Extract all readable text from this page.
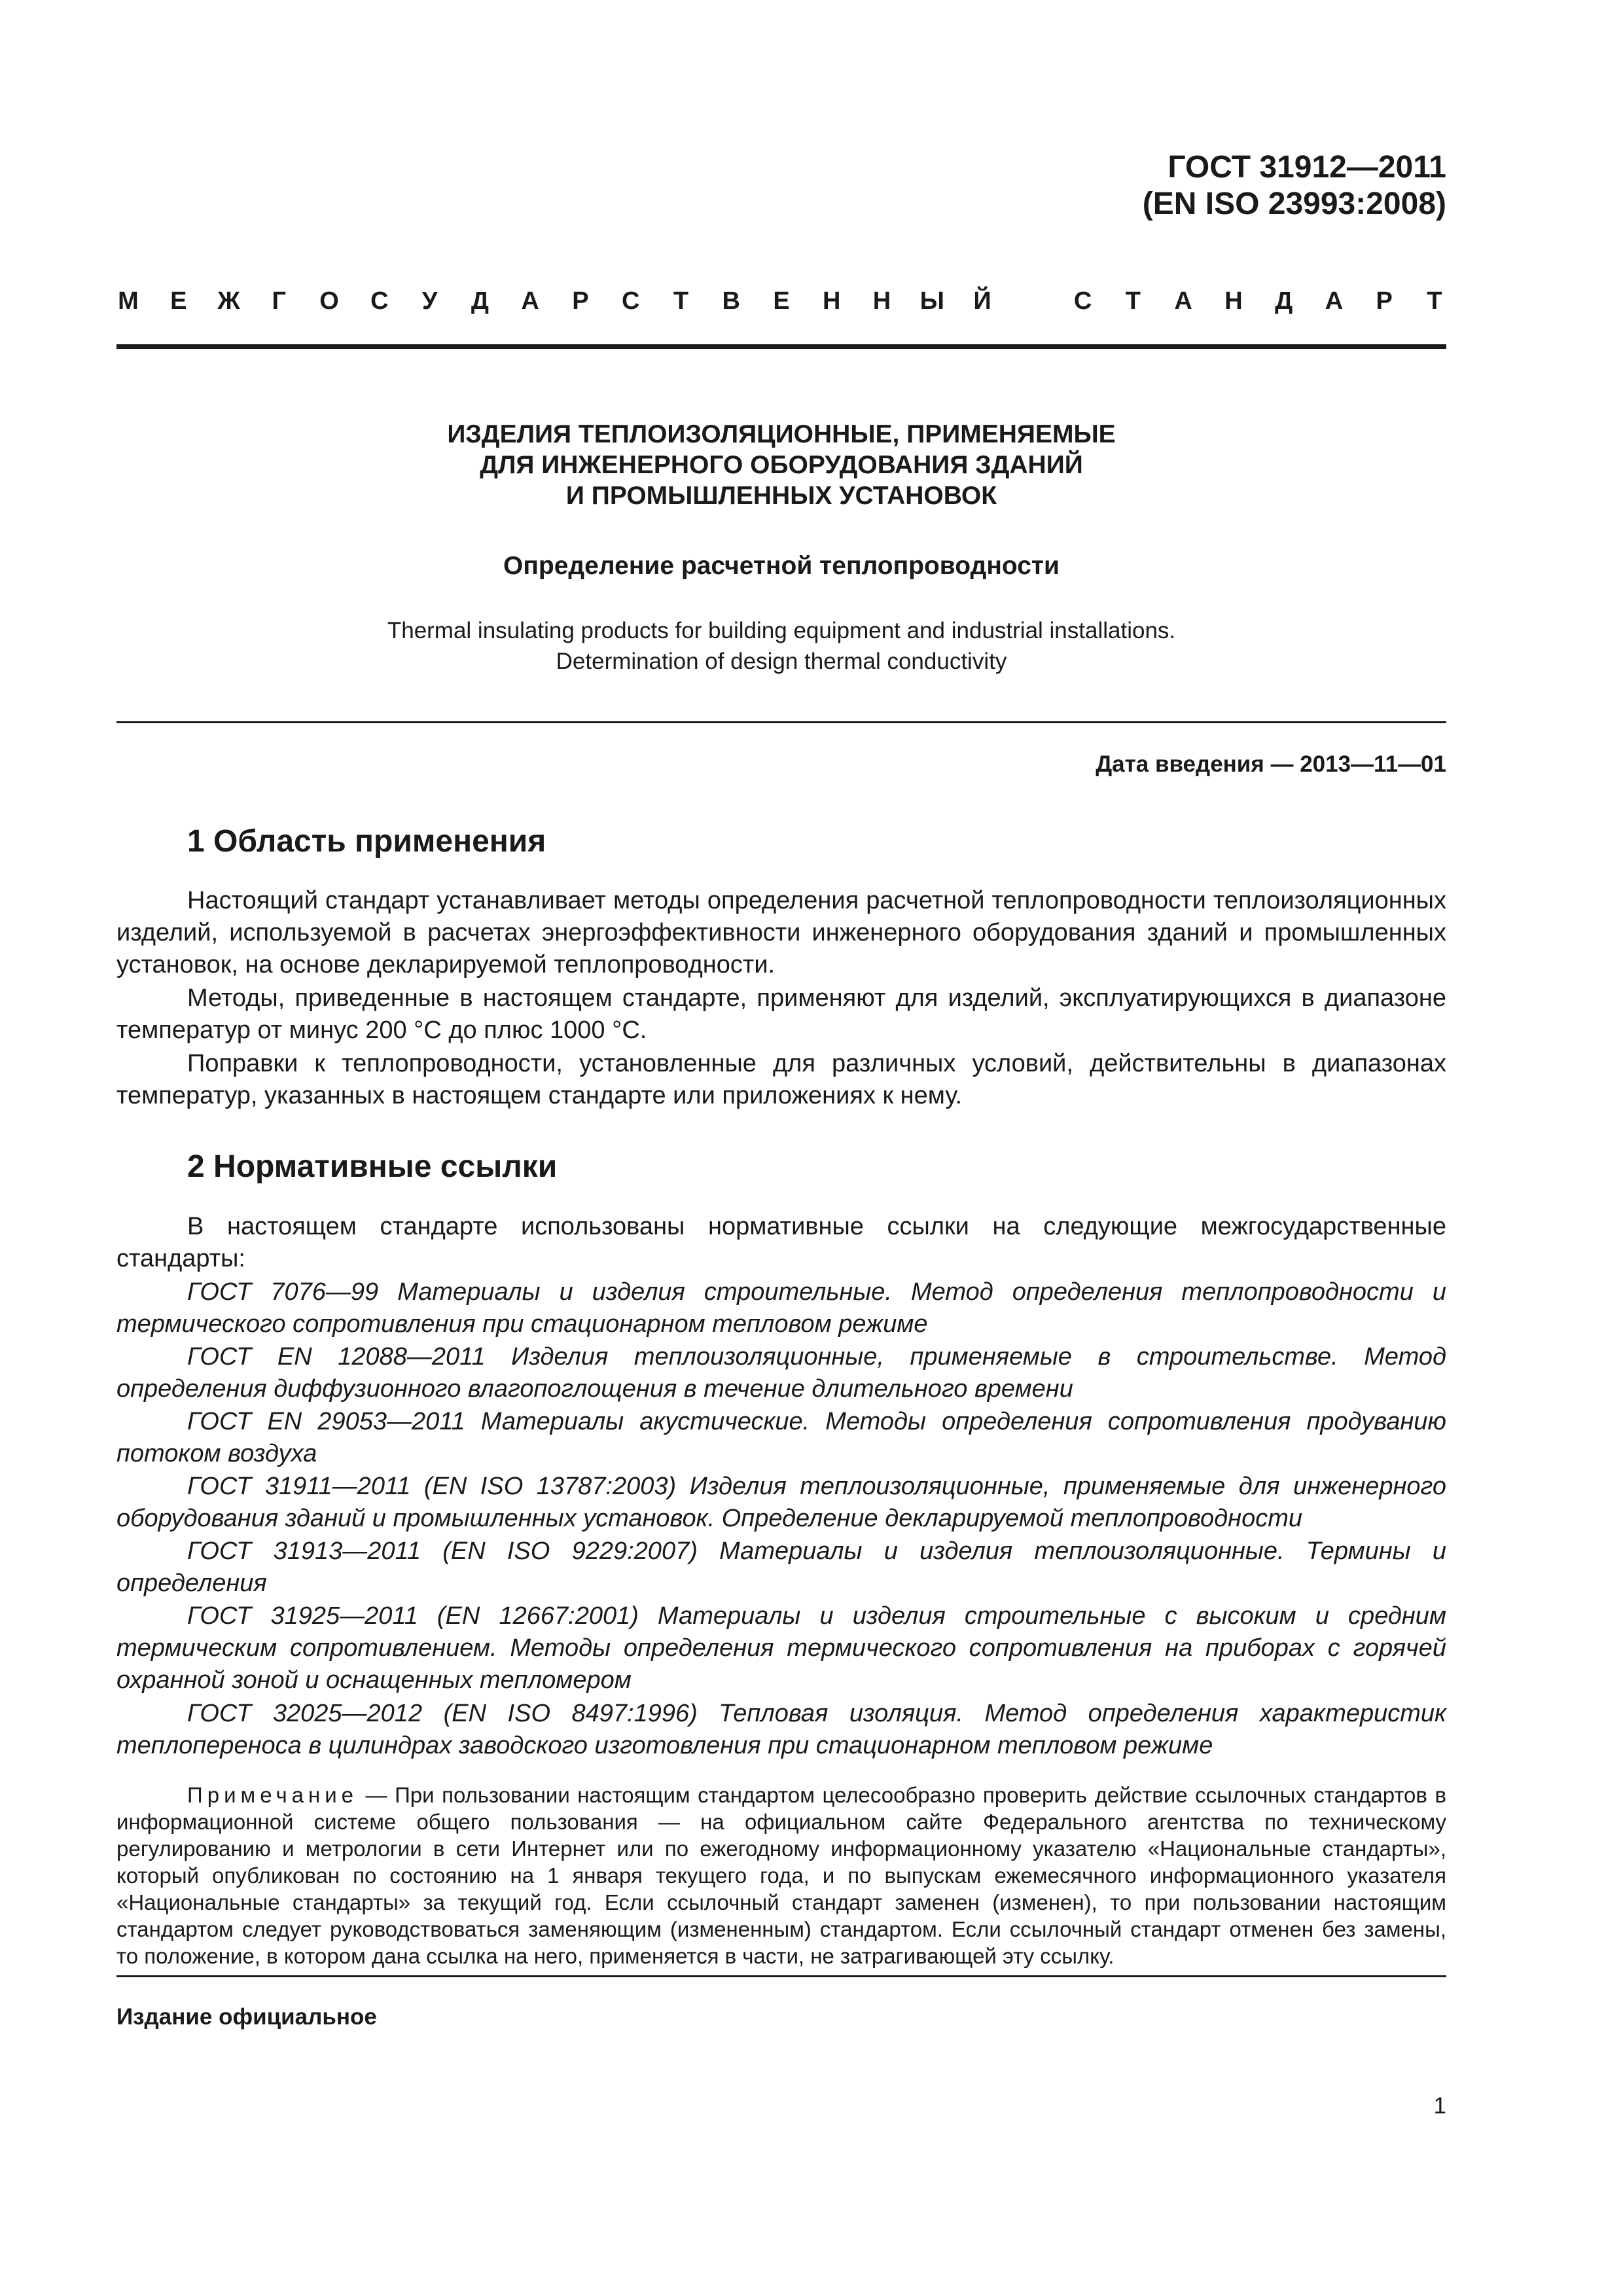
ГОСТ 31912—2011
(EN ISO 23993:2008)
М Е Ж Г О С У Д А Р С Т В Е Н Н Ы Й	С Т А Н Д А Р Т
ИЗДЕЛИЯ ТЕПЛОИЗОЛЯЦИОННЫЕ, ПРИМЕНЯЕМЫЕ
ДЛЯ ИНЖЕНЕРНОГО ОБОРУДОВАНИЯ ЗДАНИЙ
И ПРОМЫШЛЕННЫХ УСТАНОВОК
Определение расчетной теплопроводности
Thermal insulating products for building equipment and industrial installations.
Determination of design thermal conductivity
Дата введения — 2013—11—01
1 Область применения
Настоящий стандарт устанавливает методы определения расчетной теплопроводности теплоизоляционных изделий, используемой в расчетах энергоэффективности инженерного оборудования зданий и промышленных установок, на основе декларируемой теплопроводности.
Методы, приведенные в настоящем стандарте, применяют для изделий, эксплуатирующихся в диапазоне температур от минус 200 °С до плюс 1000 °С.
Поправки к теплопроводности, установленные для различных условий, действительны в диапазонах температур, указанных в настоящем стандарте или приложениях к нему.
2 Нормативные ссылки
В настоящем стандарте использованы нормативные ссылки на следующие межгосударственные стандарты:
ГОСТ 7076—99 Материалы и изделия строительные. Метод определения теплопроводности и термического сопротивления при стационарном тепловом режиме
ГОСТ EN 12088—2011 Изделия теплоизоляционные, применяемые в строительстве. Метод определения диффузионного влагопоглощения в течение длительного времени
ГОСТ EN 29053—2011 Материалы акустические. Методы определения сопротивления продуванию потоком воздуха
ГОСТ 31911—2011 (EN ISO 13787:2003) Изделия теплоизоляционные, применяемые для инженерного оборудования зданий и промышленных установок. Определение декларируемой теплопроводности
ГОСТ 31913—2011 (EN ISO 9229:2007) Материалы и изделия теплоизоляционные. Термины и определения
ГОСТ 31925—2011 (EN 12667:2001) Материалы и изделия строительные с высоким и средним термическим сопротивлением. Методы определения термического сопротивления на приборах с горячей охранной зоной и оснащенных тепломером
ГОСТ 32025—2012 (EN ISO 8497:1996) Тепловая изоляция. Метод определения характеристик теплопереноса в цилиндрах заводского изготовления при стационарном тепловом режиме
Примечание — При пользовании настоящим стандартом целесообразно проверить действие ссылочных стандартов в информационной системе общего пользования — на официальном сайте Федерального агентства по техническому регулированию и метрологии в сети Интернет или по ежегодному информационному указателю «Национальные стандарты», который опубликован по состоянию на 1 января текущего года, и по выпускам ежемесячного информационного указателя «Национальные стандарты» за текущий год. Если ссылочный стандарт заменен (изменен), то при пользовании настоящим стандартом следует руководствоваться заменяющим (измененным) стандартом. Если ссылочный стандарт отменен без замены, то положение, в котором дана ссылка на него, применяется в части, не затрагивающей эту ссылку.
Издание официальное
1
